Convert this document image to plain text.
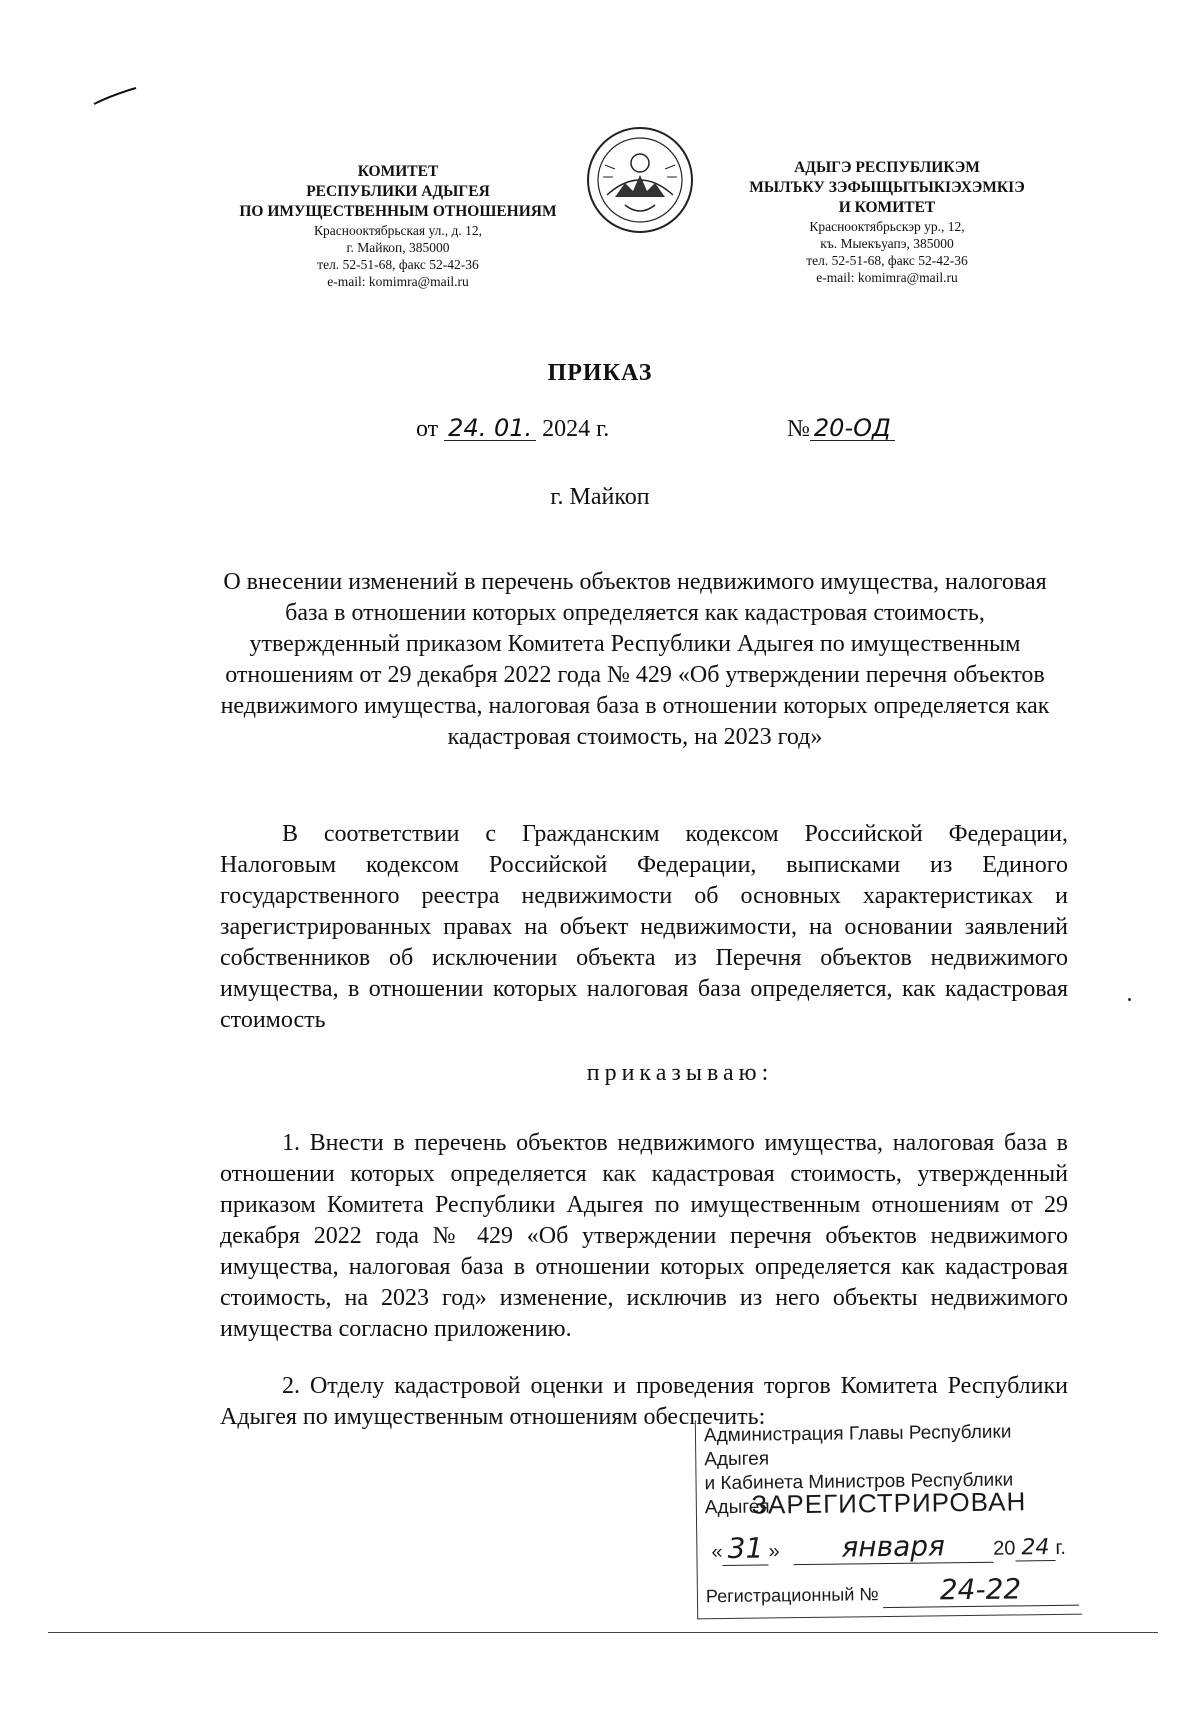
КОМИТЕТ
РЕСПУБЛИКИ АДЫГЕЯ
ПО ИМУЩЕСТВЕННЫМ ОТНОШЕНИЯМ
Краснооктябрьская ул., д. 12,
г. Майкоп, 385000
тел. 52-51-68, факс 52-42-36
e-mail: komimra@mail.ru
АДЫГЭ РЕСПУБЛИКЭМ
МЫЛЪКУ ЗЭФЫЩЫТЫКІЭХЭМКІЭ
И КОМИТЕТ
Краснооктябрьскэр ур., 12,
къ. Мыекъуапэ, 385000
тел. 52-51-68, факс 52-42-36
e-mail: komimra@mail.ru
ПРИКАЗ
от 24. 01. 2024 г.	№ 20-ОД
г. Майкоп
О внесении изменений в перечень объектов недвижимого имущества, налоговая база в отношении которых определяется как кадастровая стоимость, утвержденный приказом Комитета Республики Адыгея по имущественным отношениям от 29 декабря 2022 года № 429 «Об утверждении перечня объектов недвижимого имущества, налоговая база в отношении которых определяется как кадастровая стоимость, на 2023 год»
В соответствии с Гражданским кодексом Российской Федерации, Налоговым кодексом Российской Федерации, выписками из Единого государственного реестра недвижимости об основных характеристиках и зарегистрированных правах на объект недвижимости, на основании заявлений собственников об исключении объекта из Перечня объектов недвижимого имущества, в отношении которых налоговая база определяется, как кадастровая стоимость
приказываю:
1. Внести в перечень объектов недвижимого имущества, налоговая база в отношении которых определяется как кадастровая стоимость, утвержденный приказом Комитета Республики Адыгея по имущественным отношениям от 29 декабря 2022 года № 429 «Об утверждении перечня объектов недвижимого имущества, налоговая база в отношении которых определяется как кадастровая стоимость, на 2023 год» изменение, исключив из него объекты недвижимого имущества согласно приложению.
2. Отделу кадастровой оценки и проведения торгов Комитета Республики Адыгея по имущественным отношениям обеспечить:
Администрация Главы Республики Адыгея
и Кабинета Министров Республики Адыгея
ЗАРЕГИСТРИРОВАН
« 31 » января 20 24 г.
Регистрационный № 24-22
